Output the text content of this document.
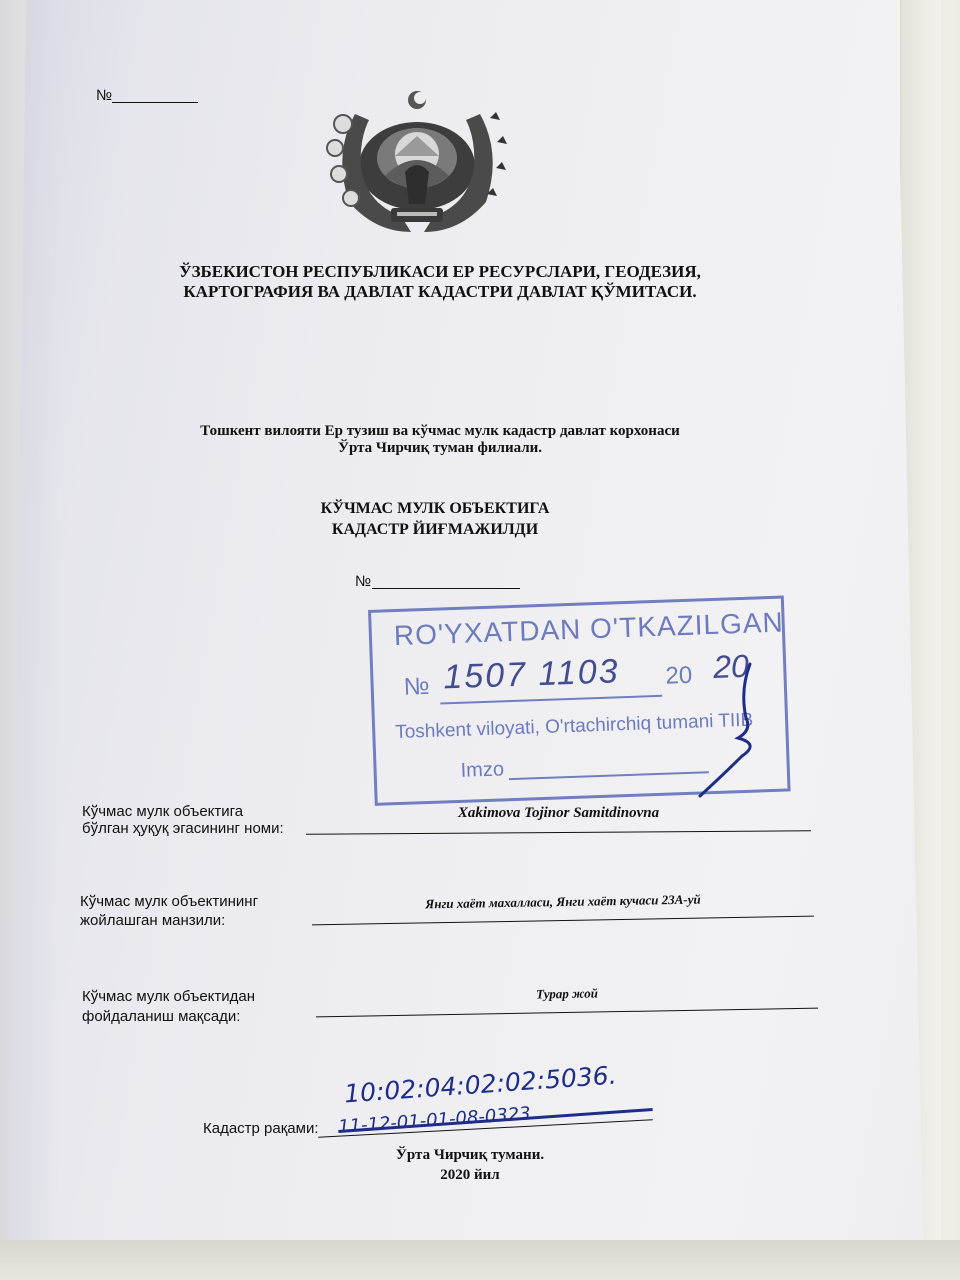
№
ЎЗБЕКИСТОН РЕСПУБЛИКАСИ ЕР РЕСУРСЛАРИ, ГЕОДЕЗИЯ,
КАРТОГРАФИЯ ВА ДАВЛАТ КАДАСТРИ ДАВЛАТ ҚЎМИТАСИ.
Тошкент вилояти Ер тузиш ва кўчмас мулк кадастр давлат корхонаси
Ўрта Чирчиқ туман филиали.
КЎЧМАС МУЛК ОБЪЕКТИГА
КАДАСТР ЙИҒМАЖИЛДИ
№
RO'YXATDAN O'TKAZILGAN
№ 1507 1103 20 20
Toshkent viloyati, O'rtachirchiq tumani TIIB
Imzo
Кўчмас мулк объектига
бўлган ҳуқуқ эгасининг номи:
Xakimova Tojinor Samitdinovna
Кўчмас мулк объектининг
жойлашган манзили:
Янги хаёт махалласи, Янги хаёт кучаси 23А-уй
Кўчмас мулк объектидан
фойдаланиш мақсади:
Турар жой
Кадастр рақами:
10:02:04:02:02:5036.
11-12-01-01-08-0323
Ўрта Чирчиқ тумани.
2020 йил
